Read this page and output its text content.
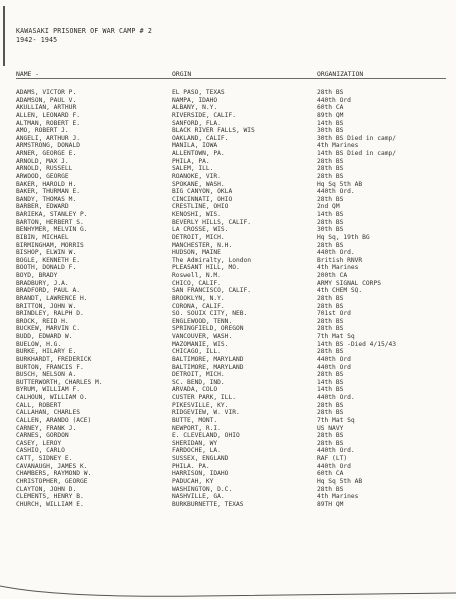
KAWASAKI PRISONER OF WAR CAMP # 2
1942- 1945
NAME -	ORGIN	ORGANIZATION
ADAMS, VICTOR P.	EL PASO, TEXAS	28th BS
ADAMSON, PAUL V.	NAMPA, IDAHO	440th Ord
AKULLIAN, ARTHUR	ALBANY, N.Y.	60th CA
ALLEN, LEONARD F.	RIVERSIDE, CALIF.	89th QM
ALTMAN, ROBERT E.	SANFORD, FLA.	14th BS
AMO, ROBERT J.	BLACK RIVER FALLS, WIS	30th BS
ANGELI, ARTHUR J.	OAKLAND, CALIF.	30th BS Died in camp/
ARMSTRONG, DONALD	MANILA, IOWA	4th Marines
ARNER, GEORGE E.	ALLENTOWN, PA.	14th BS Died in camp/
ARNOLD, MAX J.	PHILA, PA.	28th BS
ARNOLD, RUSSELL	SALEM, ILL.	28th BS
ARWOOD, GEORGE	ROANOKE, VIR.	28th BS
BAKER, HAROLD H.	SPOKANE, WASH.	Hq Sq 5th AB
BAKER, THURMAN E.	BIG CANYON, OKLA	440th Ord.
BANDY, THOMAS M.	CINCINNATI, OHIO	28th BS
BARBER, EDWARD	CRESTLINE, OHIO	2nd QM
BARIEKA, STANLEY P.	KENOSHI, WIS.	14th BS
BARTON, HERBERT S.	BEVERLY HILLS, CALIF.	28th BS
BENHYMER, MELVIN G.	LA CROSSE, WIS.	30th BS
BIBIN, MICHAEL	DETROIT, MICH.	Hq Sq, 19th BG
BIRMINGHAM, MORRIS	MANCHESTER, N.H.	28th BS
BISHOP, ELWIN W.	HUDSON, MAINE	440th Ord.
BOGLE, KENNETH E.	The Admiralty, London	British RNVR
BOOTH, DONALD F.	PLEASANT HILL, MO.	4th Marines
BOYD, BRADY	Roswell, N.M.	200th CA
BRADBURY, J.A.	CHICO, CALIF.	ARMY SIGNAL CORPS
BRADFORD, PAUL A.	SAN FRANCISCO, CALIF.	4th CHEM SQ.
BRANDT, LAWRENCE H.	BROOKLYN, N.Y.	28th BS
BRITTON, JOHN W.	CORONA, CALIF.	28th BS
BRINDLEY, RALPH D.	SO. SOUIX CITY, NEB.	701st Ord
BROCK, REID H.	ENGLEWOOD, TENN.	28th BS
BUCKEW, MARVIN C.	SPRINGFIELD, OREGON	28th BS
BUDD, EDWARD W.	VANCOUVER, WASH.	7th Mat Sq
BUELOW, H.G.	MAZOMANIE, WIS.	14th BS -Died 4/15/43
BURKE, HILARY E.	CHICAGO, ILL.	28th BS
BURKHARDT, FREDERICK	BALTIMORE, MARYLAND	440th Ord
BURTON, FRANCIS F.	BALTIMORE, MARYLAND	440th Ord
BUSCH, NELSON A.	DETROIT, MICH.	28th BS
BUTTERWORTH, CHARLES M.	SC. BEND, IND.	14th BS
BYRUM, WILLIAM F.	ARVADA, COLO	14th BS
CALHOUN, WILLIAM O.	CUSTER PARK, ILL.	440th Ord.
CALL, ROBERT	PIKESVILLE, KY.	28th BS
CALLAHAN, CHARLES	RIDGEVIEW, W. VIR.	28th BS
CALLEN, ARANDO (ACE)	BUTTE, MONT.	7th Mat Sq
CARNEY, FRANK J.	NEWPORT, R.I.	US NAVY
CARNES, GORDON	E. CLEVELAND, OHIO	28th BS
CASEY, LEROY	SHERIDAN, WY	28th BS
CASHIO, CARLO	FARDOCHE, LA.	440th Ord.
CATT, SIDNEY E.	SUSSEX, ENGLAND	RAF (LT)
CAVANAUGH, JAMES K.	PHILA. PA.	440th Ord
CHAMBERS, RAYMOND W.	HARRISON, IDAHO	60th CA
CHRISTOPHER, GEORGE	PADUCAH, KY	Hq Sq 5th AB
CLAYTON, JOHN D.	WASHINGTON, D.C.	28th BS
CLEMENTS, HENRY B.	NASHVILLE, GA.	4th Marines
CHURCH, WILLIAM E.	BURKBURNETTE, TEXAS	89TH QM
